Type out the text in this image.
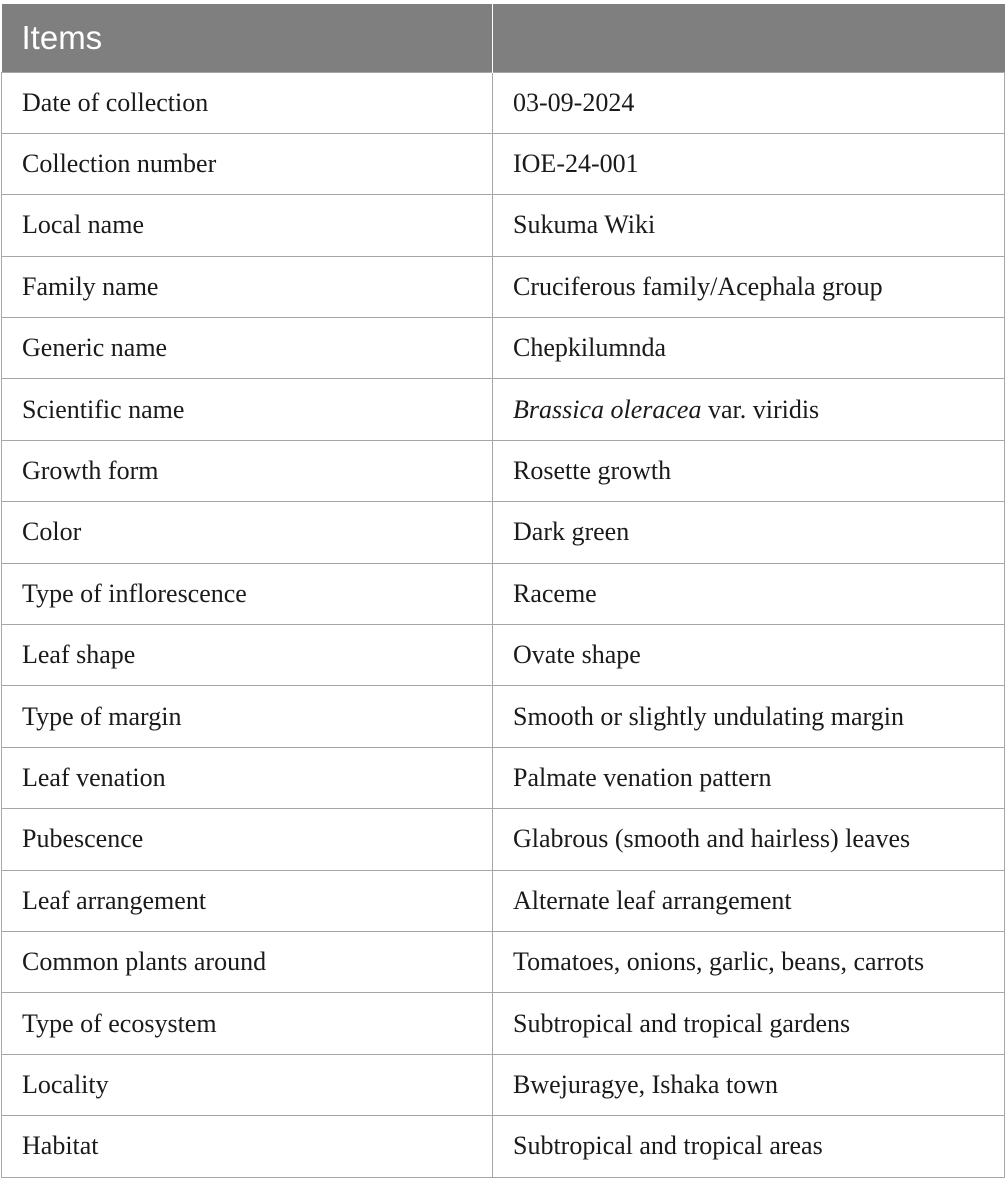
Items	
Date of collection	03-09-2024
Collection number	IOE-24-001
Local name	Sukuma Wiki
Family name	Cruciferous family/Acephala group
Generic name	Chepkilumnda
Scientific name	Brassica oleracea var. viridis
Growth form	Rosette growth
Color	Dark green
Type of inflorescence	Raceme
Leaf shape	Ovate shape
Type of margin	Smooth or slightly undulating margin
Leaf venation	Palmate venation pattern
Pubescence	Glabrous (smooth and hairless) leaves
Leaf arrangement	Alternate leaf arrangement
Common plants around	Tomatoes, onions, garlic, beans, carrots
Type of ecosystem	Subtropical and tropical gardens
Locality	Bwejuragye, Ishaka town
Habitat	Subtropical and tropical areas
